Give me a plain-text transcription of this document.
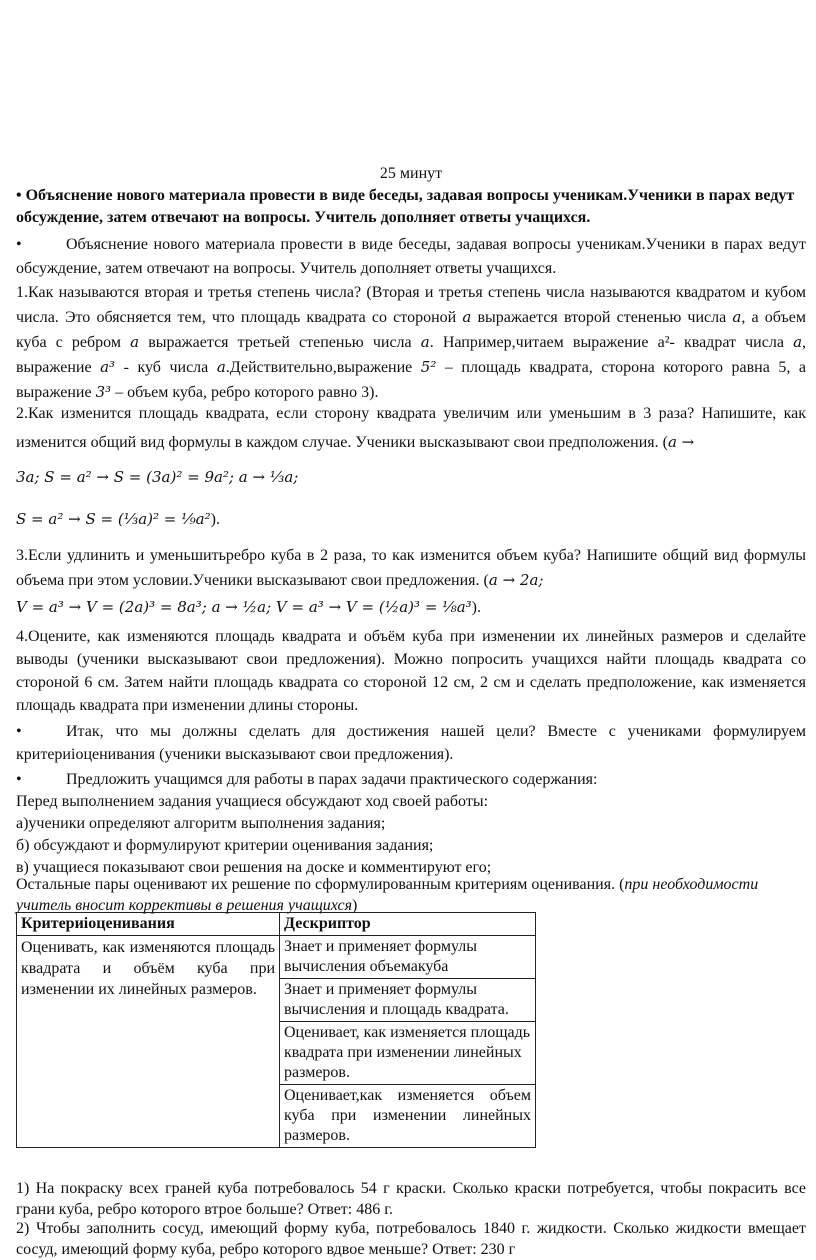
25 минут
• Объяснение нового материала провести в виде беседы, задавая вопросы ученикам.Ученики в парах ведут обсуждение, затем отвечают на вопросы. Учитель дополняет ответы учащихся.
•	Объяснение нового материала провести в виде беседы, задавая вопросы ученикам.Ученики в парах ведут обсуждение, затем отвечают на вопросы. Учитель дополняет ответы учащихся.
1.Как называются вторая и третья степень числа? (Вторая и третья степень числа называются квадратом и кубом числа. Это обясняется тем, что площадь квадрата со стороной a выражается второй стененью числа a, а объем куба с ребром a выражается третьей степенью числа a. Например,читаем выражение a²- квадрат числа a, выражение a³ - куб числа a.Действительно,выражение 5² – площадь квадрата, сторона которого равна 5, а выражение 3³ – объем куба, ребро которого равно 3).
2.Как изменится площадь квадрата, если сторону квадрата увеличим или уменьшим в 3 раза? Напишите, как изменится общий вид формулы в каждом случае. Ученики высказывают свои предположения. (a →
3a; S = a² → S = (3a)² = 9a²; a → ⅓a;
S = a² → S = (⅓a)² = ⅑a²).
3.Если удлинить и уменьшитьребро куба в 2 раза, то как изменится объем куба? Напишите общий вид формулы объема при этом условии.Ученики высказывают свои предложения. (a → 2a;
V = a³ → V = (2a)³ = 8a³; a → ½a; V = a³ → V = (½a)³ = ⅛a³).
4.Оцените, как изменяются площадь квадрата и объём куба при изменении их линейных размеров и сделайте выводы (ученики высказывают свои предложения). Можно попросить учащихся найти площадь квадрата со стороной 6 см. Затем найти площадь квадрата со стороной 12 см, 2 см и сделать предположение, как изменяется площадь квадрата при изменении длины стороны.
•	Итак, что мы должны сделать для достижения нашей цели? Вместе с учениками формулируем критериioценивания (ученики высказывают свои предложения).
•	Предложить учащимся для работы в парах задачи практического содержания:
Перед выполнением задания учащиеся обсуждают ход своей работы:
а)ученики определяют алгоритм выполнения задания;
б) обсуждают и формулируют критерии оценивания задания;
в) учащиеся показывают свои решения на доске и комментируют его;
Остальные пары оценивают их решение по сформулированным критериям оценивания. (при необходимости учитель вносит коррективы в решения учащихся)
Критериioценивания	Дескриптор
Оценивать, как изменяются площадь квадрата и объём куба при изменении их линейных размеров.	Знает и применяет формулы вычисления объемакуба
	Знает и применяет формулы вычисления и площадь квадрата.
	Оценивает, как изменяется площадь квадрата при изменении линейных размеров.
	Оценивает,как изменяется объем куба при изменении линейных размеров.
1) На покраску всех граней куба потребовалось 54 г краски. Сколько краски потребуется, чтобы покрасить все грани куба, ребро которого втрое больше? Ответ: 486 г.
2) Чтобы заполнить сосуд, имеющий форму куба, потребовалось 1840 г. жидкости. Сколько жидкости вмещает сосуд, имеющий форму куба, ребро которого вдвое меньше? Ответ: 230 г
